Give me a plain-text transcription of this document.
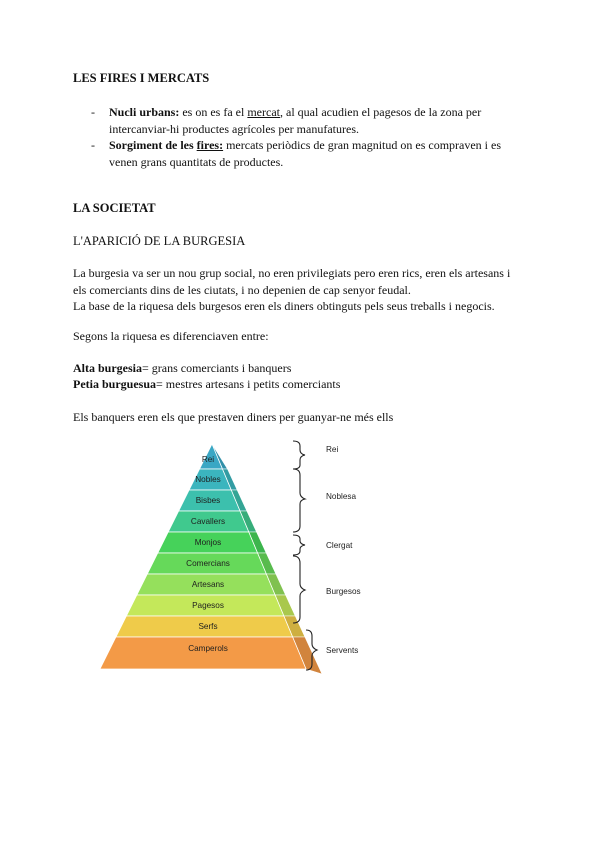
LES FIRES I MERCATS
- Nucli urbans: es on es fa el mercat, al qual acudien el pagesos de la zona per
intercanviar-hi productes agrícoles per manufatures.
- Sorgiment de les fires: mercats periòdics de gran magnitud on es compraven i es
venen grans quantitats de productes.
LA SOCIETAT
L'APARICIÓ DE LA BURGESIA
La burgesia va ser un nou grup social, no eren privilegiats pero eren rics, eren els artesans i
els comerciants dins de les ciutats, i no depenien de cap senyor feudal.
La base de la riquesa dels burgesos eren els diners obtinguts pels seus treballs i negocis.
Segons la riquesa es diferenciaven entre:
Alta burgesia= grans comerciants i banquers
Petia burguesua= mestres artesans i petits comerciants
Els banquers eren els que prestaven diners per guanyar-ne més ells
Rei
Nobles
Bisbes
Cavallers
Monjos
Comercians
Artesans
Pagesos
Serfs
Camperols
Rei
Noblesa
Clergat
Burgesos
Servents
